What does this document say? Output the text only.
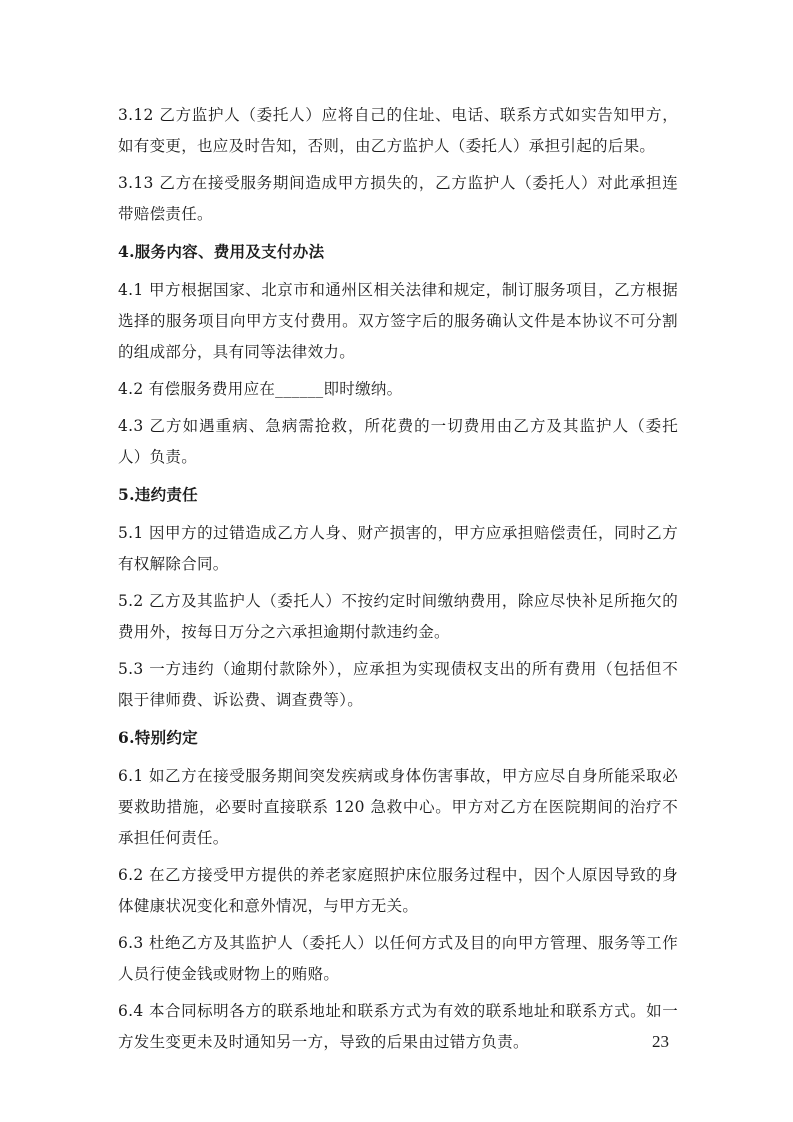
3.12 乙方监护人（委托人）应将自己的住址、电话、联系方式如实告知甲方，如有变更，也应及时告知，否则，由乙方监护人（委托人）承担引起的后果。

3.13 乙方在接受服务期间造成甲方损失的，乙方监护人（委托人）对此承担连带赔偿责任。

4.服务内容、费用及支付办法

4.1 甲方根据国家、北京市和通州区相关法律和规定，制订服务项目，乙方根据选择的服务项目向甲方支付费用。双方签字后的服务确认文件是本协议不可分割的组成部分，具有同等法律效力。

4.2 有偿服务费用应在______即时缴纳。

4.3 乙方如遇重病、急病需抢救，所花费的一切费用由乙方及其监护人（委托人）负责。

5.违约责任

5.1 因甲方的过错造成乙方人身、财产损害的，甲方应承担赔偿责任，同时乙方有权解除合同。

5.2 乙方及其监护人（委托人）不按约定时间缴纳费用，除应尽快补足所拖欠的费用外，按每日万分之六承担逾期付款违约金。

5.3 一方违约（逾期付款除外），应承担为实现债权支出的所有费用（包括但不限于律师费、诉讼费、调查费等）。

6.特别约定

6.1 如乙方在接受服务期间突发疾病或身体伤害事故，甲方应尽自身所能采取必要救助措施，必要时直接联系 120 急救中心。甲方对乙方在医院期间的治疗不承担任何责任。

6.2 在乙方接受甲方提供的养老家庭照护床位服务过程中，因个人原因导致的身体健康状况变化和意外情况，与甲方无关。

6.3 杜绝乙方及其监护人（委托人）以任何方式及目的向甲方管理、服务等工作人员行使金钱或财物上的贿赂。

6.4 本合同标明各方的联系地址和联系方式为有效的联系地址和联系方式。如一方发生变更未及时通知另一方，导致的后果由过错方负责。	23
